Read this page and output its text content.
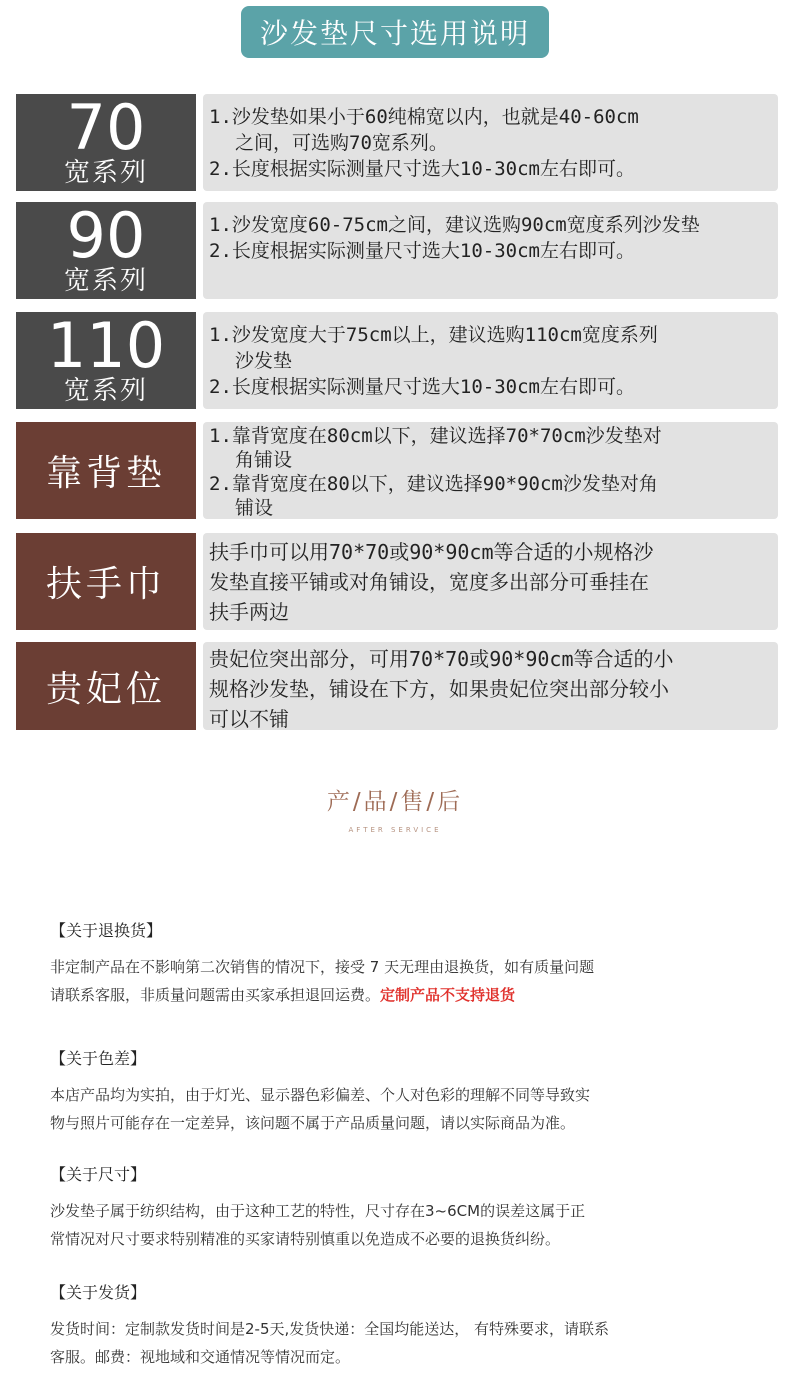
沙发垫尺寸选用说明
70
宽系列
1.沙发垫如果小于60纯棉宽以内，也就是40-60cm
之间，可选购70宽系列。
2.长度根据实际测量尺寸选大10-30cm左右即可。
90
宽系列
1.沙发宽度60-75cm之间，建议选购90cm宽度系列沙发垫
2.长度根据实际测量尺寸选大10-30cm左右即可。
110
宽系列
1.沙发宽度大于75cm以上，建议选购110cm宽度系列
沙发垫
2.长度根据实际测量尺寸选大10-30cm左右即可。
靠背垫
1.靠背宽度在80cm以下，建议选择70*70cm沙发垫对
角铺设
2.靠背宽度在80以下，建议选择90*90cm沙发垫对角
铺设
扶手巾
扶手巾可以用70*70或90*90cm等合适的小规格沙
发垫直接平铺或对角铺设，宽度多出部分可垂挂在
扶手两边
贵妃位
贵妃位突出部分，可用70*70或90*90cm等合适的小
规格沙发垫，铺设在下方，如果贵妃位突出部分较小
可以不铺
产/品/售/后
AFTER SERVICE
【关于退换货】
非定制产品在不影响第二次销售的情况下，接受 7 天无理由退换货，如有质量问题
请联系客服，非质量问题需由买家承担退回运费。定制产品不支持退货
【关于色差】
本店产品均为实拍，由于灯光、显示器色彩偏差、个人对色彩的理解不同等导致实
物与照片可能存在一定差异，该问题不属于产品质量问题，请以实际商品为准。
【关于尺寸】
沙发垫子属于纺织结构，由于这种工艺的特性，尺寸存在3~6CM的误差这属于正
常情况对尺寸要求特别精准的买家请特别慎重以免造成不必要的退换货纠纷。
【关于发货】
发货时间：定制款发货时间是2-5天,发货快递：全国均能送达， 有特殊要求，请联系
客服。邮费：视地域和交通情况等情况而定。
